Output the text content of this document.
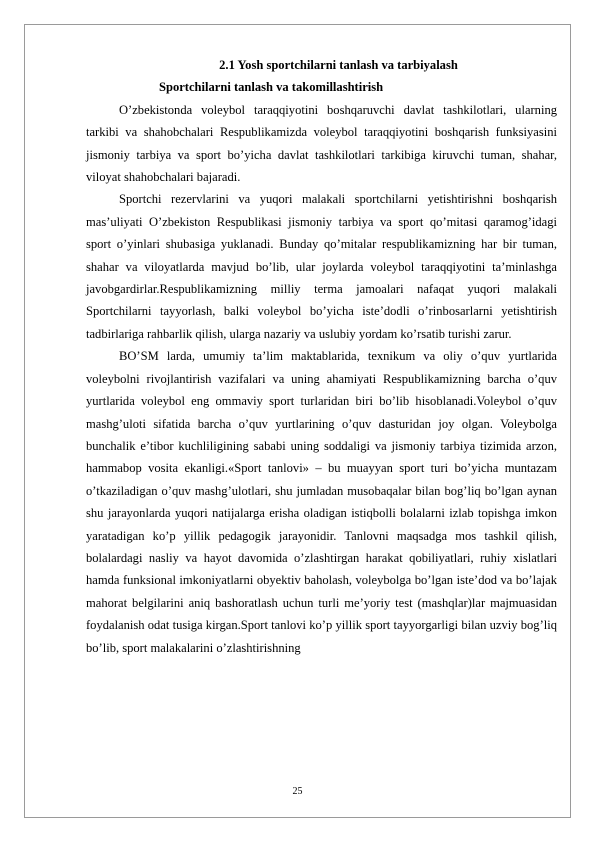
2.1 Yosh sportchilarni tanlash va tarbiyalash

Sportchilarni tanlash va takomillashtirish

O’zbekistonda voleybol taraqqiyotini boshqaruvchi davlat tashkilotlari, ularning tarkibi va shahobchalari Respublikamizda voleybol taraqqiyotini boshqarish funksiyasini jismoniy tarbiya va sport bo’yicha davlat tashkilotlari tarkibiga kiruvchi tuman, shahar, viloyat shahobchalari bajaradi.

Sportchi rezervlarini va yuqori malakali sportchilarni yetishtirishni boshqarish mas’uliyati O’zbekiston Respublikasi jismoniy tarbiya va sport qo’mitasi qaramog’idagi sport o’yinlari shubasiga yuklanadi. Bunday qo’mitalar respublikamizning har bir tuman, shahar va viloyatlarda mavjud bo’lib, ular joylarda voleybol taraqqiyotini ta’minlashga javobgardirlar.Respublikamizning milliy terma jamoalari nafaqat yuqori malakali Sportchilarni tayyorlash, balki voleybol bo’yicha iste’dodli o’rinbosarlarni yetishtirish tadbirlariga rahbarlik qilish, ularga nazariy va uslubiy yordam ko’rsatib turishi zarur.

BO’SM larda, umumiy ta’lim maktablarida, texnikum va oliy o’quv yurtlarida voleybolni rivojlantirish vazifalari va uning ahamiyati Respublikamizning barcha o’quv yurtlarida voleybol eng ommaviy sport turlaridan biri bo’lib hisoblanadi.Voleybol o’quv mashg’uloti sifatida barcha o’quv yurtlarining o’quv dasturidan joy olgan. Voleybolga bunchalik e’tibor kuchliligining sababi uning soddaligi va jismoniy tarbiya tizimida arzon, hammabop vosita ekanligi.«Sport tanlovi» – bu muayyan sport turi bo’yicha muntazam o’tkaziladigan o’quv mashg’ulotlari, shu jumladan musobaqalar bilan bog’liq bo’lgan aynan shu jarayonlarda yuqori natijalarga erisha oladigan istiqbolli bolalarni izlab topishga imkon yaratadigan ko’p yillik pedagogik jarayonidir. Tanlovni maqsadga mos tashkil qilish, bolalardagi nasliy va hayot davomida o’zlashtirgan harakat qobiliyatlari, ruhiy xislatlari hamda funksional imkoniyatlarni obyektiv baholash, voleybolga bo’lgan iste’dod va bo’lajak mahorat belgilarini aniq bashoratlash uchun turli me’yoriy test (mashqlar)lar majmuasidan foydalanish odat tusiga kirgan.Sport tanlovi ko’p yillik sport tayyorgarligi bilan uzviy bog’liq bo’lib, sport malakalarini o’zlashtirishning

25
